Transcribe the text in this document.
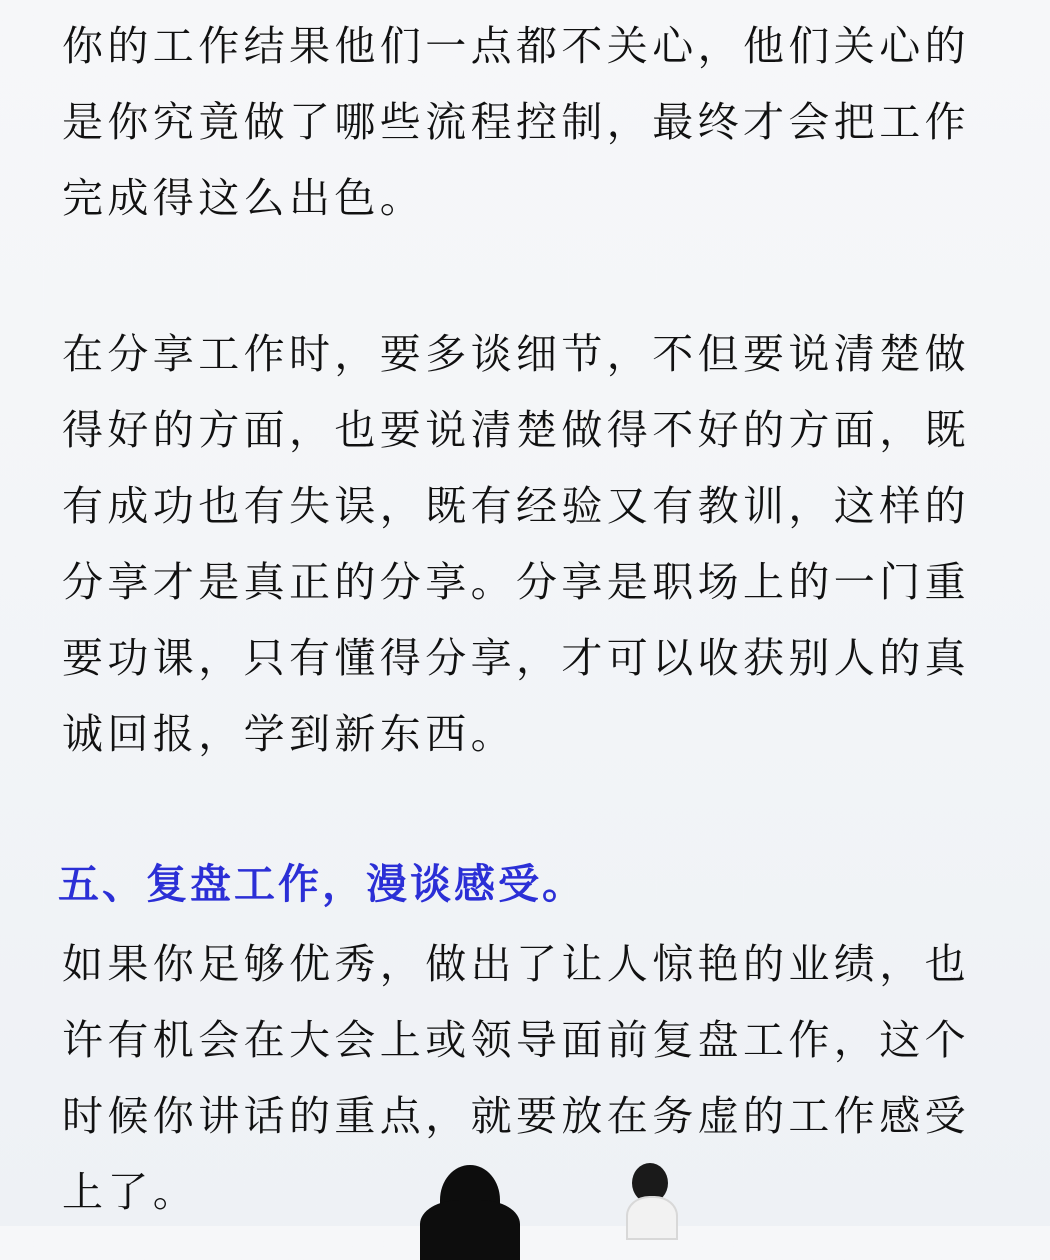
你的工作结果他们一点都不关心，他们关心的
是你究竟做了哪些流程控制，最终才会把工作
完成得这么出色。

在分享工作时，要多谈细节，不但要说清楚做
得好的方面，也要说清楚做得不好的方面，既
有成功也有失误，既有经验又有教训，这样的
分享才是真正的分享。分享是职场上的一门重
要功课，只有懂得分享，才可以收获别人的真
诚回报，学到新东西。

五、复盘工作，漫谈感受。

如果你足够优秀，做出了让人惊艳的业绩，也
许有机会在大会上或领导面前复盘工作，这个
时候你讲话的重点，就要放在务虚的工作感受
上了。
